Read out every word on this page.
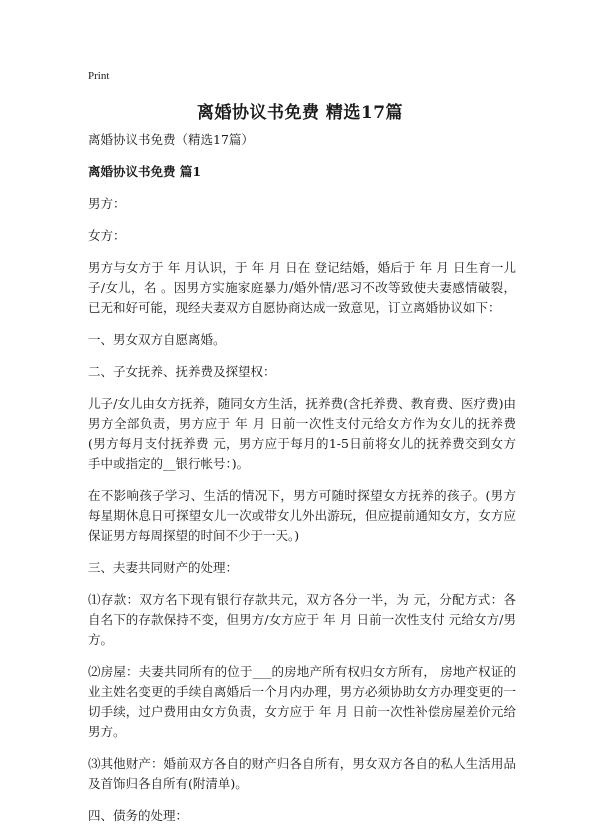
Print
离婚协议书免费 精选17篇

离婚协议书免费（精选17篇）

离婚协议书免费 篇1

男方：

女方：

男方与女方于 年 月认识，于 年 月 日在 登记结婚，婚后于 年 月 日生育一儿子/女儿，名 。因男方实施家庭暴力/婚外情/恶习不改等致使夫妻感情破裂，已无和好可能，现经夫妻双方自愿协商达成一致意见，订立离婚协议如下：

一、男女双方自愿离婚。

二、子女抚养、抚养费及探望权：

儿子/女儿由女方抚养，随同女方生活，抚养费(含托养费、教育费、医疗费)由男方全部负责，男方应于 年 月 日前一次性支付元给女方作为女儿的抚养费(男方每月支付抚养费 元，男方应于每月的1-5日前将女儿的抚养费交到女方手中或指定的__银行帐号：)。

在不影响孩子学习、生活的情况下，男方可随时探望女方抚养的孩子。(男方每星期休息日可探望女儿一次或带女儿外出游玩，但应提前通知女方，女方应保证男方每周探望的时间不少于一天。)

三、夫妻共同财产的处理：

⑴存款：双方名下现有银行存款共元，双方各分一半，为 元，分配方式：各自名下的存款保持不变，但男方/女方应于 年 月 日前一次性支付 元给女方/男方。

⑵房屋：夫妻共同所有的位于___的房地产所有权归女方所有， 房地产权证的业主姓名变更的手续自离婚后一个月内办理，男方必须协助女方办理变更的一切手续，过户费用由女方负责，女方应于 年 月 日前一次性补偿房屋差价元给男方。

⑶其他财产：婚前双方各自的财产归各自所有，男女双方各自的私人生活用品及首饰归各自所有(附清单)。

四、债务的处理：
